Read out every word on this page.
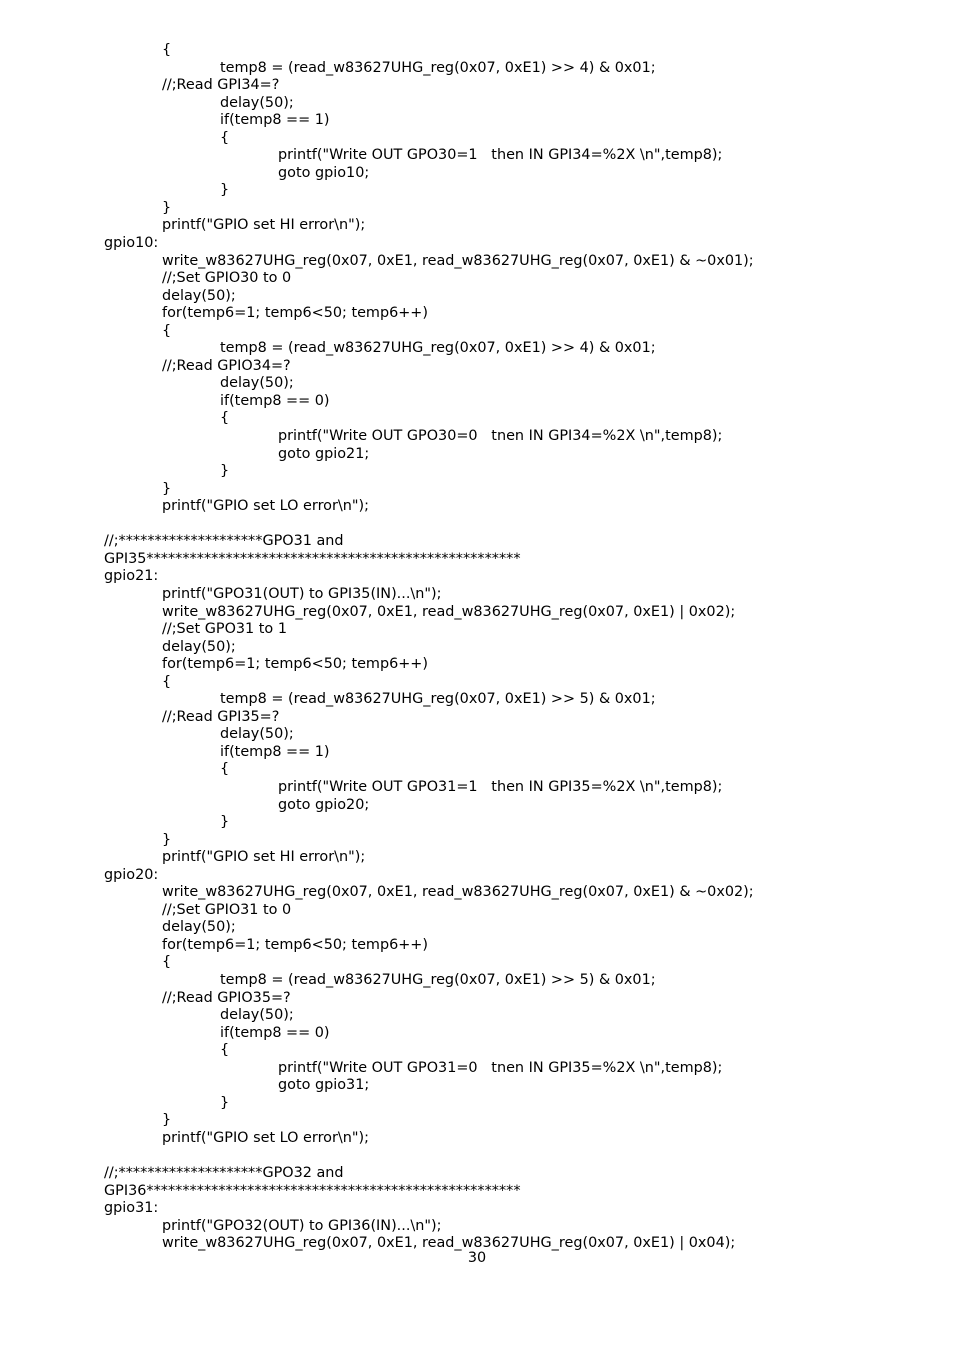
{
temp8 = (read_w83627UHG_reg(0x07, 0xE1) >> 4) & 0x01;
//;Read GPI34=?
delay(50);
if(temp8 == 1)
{
printf("Write OUT GPO30=1   then IN GPI34=%2X \n",temp8);
goto gpio10;
}
}
printf("GPIO set HI error\n");
gpio10:
write_w83627UHG_reg(0x07, 0xE1, read_w83627UHG_reg(0x07, 0xE1) & ~0x01);
//;Set GPIO30 to 0
delay(50);
for(temp6=1; temp6<50; temp6++)
{
temp8 = (read_w83627UHG_reg(0x07, 0xE1) >> 4) & 0x01;
//;Read GPIO34=?
delay(50);
if(temp8 == 0)
{
printf("Write OUT GPO30=0   tnen IN GPI34=%2X \n",temp8);
goto gpio21;
}
}
printf("GPIO set LO error\n");
//;********************GPO31 and
GPI35****************************************************
gpio21:
printf("GPO31(OUT) to GPI35(IN)...\n");
write_w83627UHG_reg(0x07, 0xE1, read_w83627UHG_reg(0x07, 0xE1) | 0x02);
//;Set GPO31 to 1
delay(50);
for(temp6=1; temp6<50; temp6++)
{
temp8 = (read_w83627UHG_reg(0x07, 0xE1) >> 5) & 0x01;
//;Read GPI35=?
delay(50);
if(temp8 == 1)
{
printf("Write OUT GPO31=1   then IN GPI35=%2X \n",temp8);
goto gpio20;
}
}
printf("GPIO set HI error\n");
gpio20:
write_w83627UHG_reg(0x07, 0xE1, read_w83627UHG_reg(0x07, 0xE1) & ~0x02);
//;Set GPIO31 to 0
delay(50);
for(temp6=1; temp6<50; temp6++)
{
temp8 = (read_w83627UHG_reg(0x07, 0xE1) >> 5) & 0x01;
//;Read GPIO35=?
delay(50);
if(temp8 == 0)
{
printf("Write OUT GPO31=0   tnen IN GPI35=%2X \n",temp8);
goto gpio31;
}
}
printf("GPIO set LO error\n");
//;********************GPO32 and
GPI36****************************************************
gpio31:
printf("GPO32(OUT) to GPI36(IN)...\n");
write_w83627UHG_reg(0x07, 0xE1, read_w83627UHG_reg(0x07, 0xE1) | 0x04);
30
